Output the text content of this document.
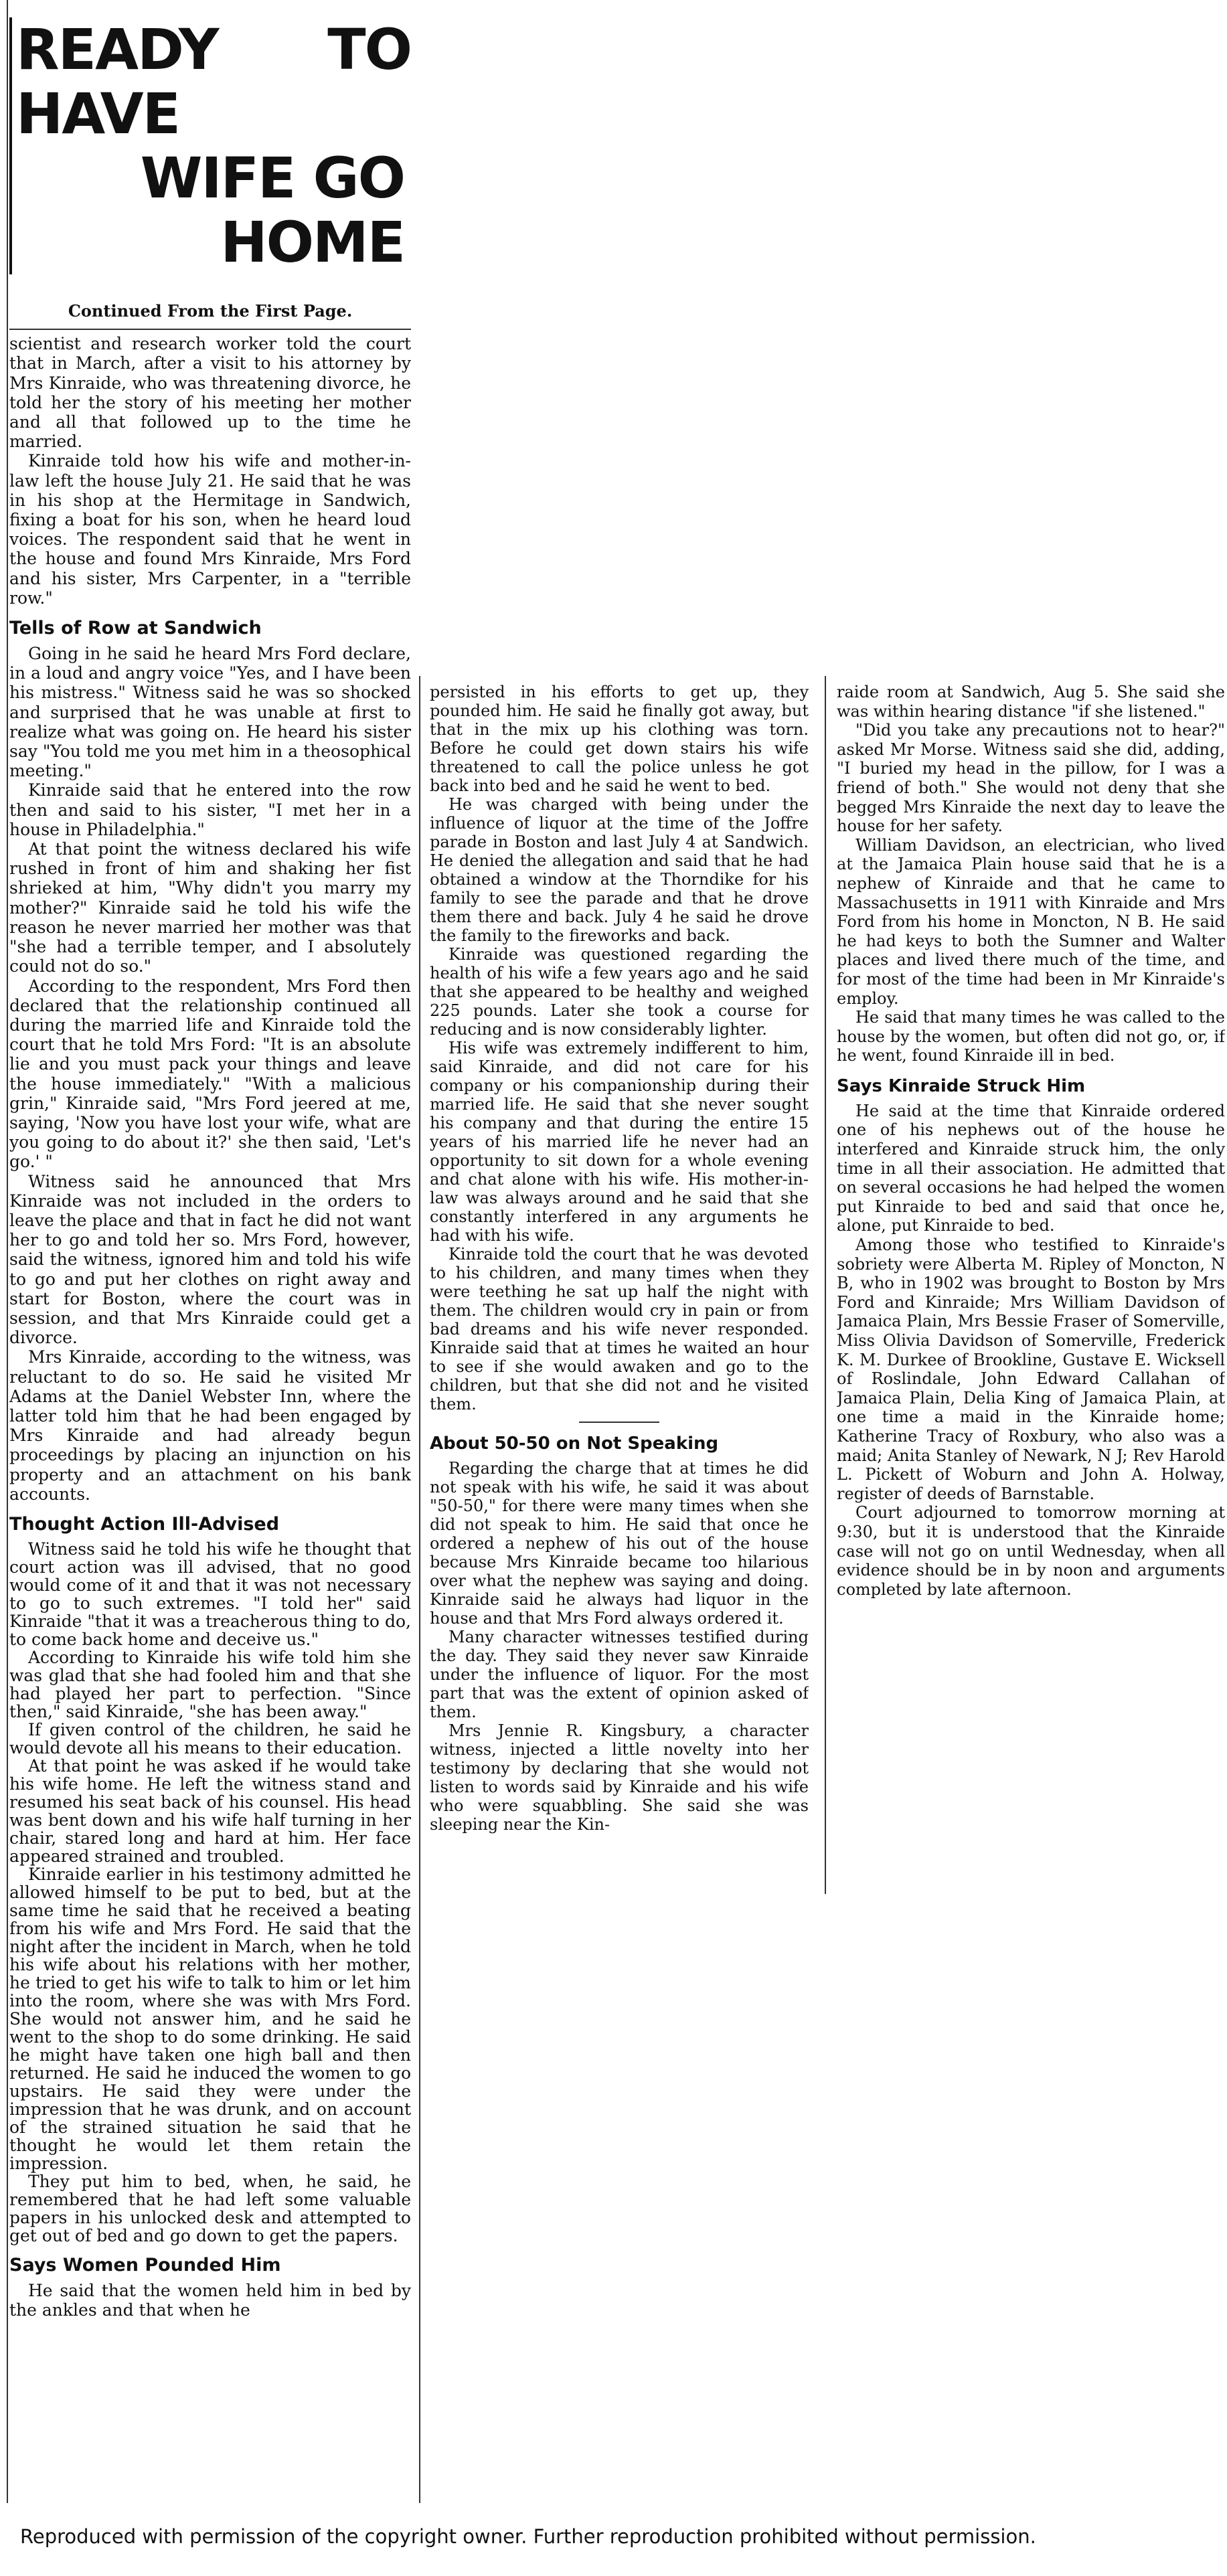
READY TO HAVE
WIFE GO HOME
Continued From the First Page.

scientist and research worker told the court that in March, after a visit to his attorney by Mrs Kinraide, who was threatening divorce, he told her the story of his meeting her mother and all that followed up to the time he married.

Kinraide told how his wife and mother-in-law left the house July 21. He said that he was in his shop at the Hermitage in Sandwich, fixing a boat for his son, when he heard loud voices. The respondent said that he went in the house and found Mrs Kinraide, Mrs Ford and his sister, Mrs Carpenter, in a "terrible row."

Tells of Row at Sandwich

Going in he said he heard Mrs Ford declare, in a loud and angry voice "Yes, and I have been his mistress." Witness said he was so shocked and surprised that he was unable at first to realize what was going on. He heard his sister say "You told me you met him in a theosophical meeting."

Kinraide said that he entered into the row then and said to his sister, "I met her in a house in Philadelphia."

At that point the witness declared his wife rushed in front of him and shaking her fist shrieked at him, "Why didn't you marry my mother?" Kinraide said he told his wife the reason he never married her mother was that "she had a terrible temper, and I absolutely could not do so."

According to the respondent, Mrs Ford then declared that the relationship continued all during the married life and Kinraide told the court that he told Mrs Ford: "It is an absolute lie and you must pack your things and leave the house immediately." "With a malicious grin," Kinraide said, "Mrs Ford jeered at me, saying, 'Now you have lost your wife, what are you going to do about it?' she then said, 'Let's go.' "

Witness said he announced that Mrs Kinraide was not included in the orders to leave the place and that in fact he did not want her to go and told her so. Mrs Ford, however, said the witness, ignored him and told his wife to go and put her clothes on right away and start for Boston, where the court was in session, and that Mrs Kinraide could get a divorce.

Mrs Kinraide, according to the witness, was reluctant to do so. He said he visited Mr Adams at the Daniel Webster Inn, where the latter told him that he had been engaged by Mrs Kinraide and had already begun proceedings by placing an injunction on his property and an attachment on his bank accounts.

Thought Action Ill-Advised

Witness said he told his wife he thought that court action was ill advised, that no good would come of it and that it was not necessary to go to such extremes. "I told her" said Kinraide "that it was a treacherous thing to do, to come back home and deceive us."

According to Kinraide his wife told him she was glad that she had fooled him and that she had played her part to perfection. "Since then," said Kinraide, "she has been away."

If given control of the children, he said he would devote all his means to their education.

At that point he was asked if he would take his wife home. He left the witness stand and resumed his seat back of his counsel. His head was bent down and his wife half turning in her chair, stared long and hard at him. Her face appeared strained and troubled.

Kinraide earlier in his testimony admitted he allowed himself to be put to bed, but at the same time he said that he received a beating from his wife and Mrs Ford. He said that the night after the incident in March, when he told his wife about his relations with her mother, he tried to get his wife to talk to him or let him into the room, where she was with Mrs Ford. She would not answer him, and he said he went to the shop to do some drinking. He said he might have taken one high ball and then returned. He said he induced the women to go upstairs. He said they were under the impression that he was drunk, and on account of the strained situation he said that he thought he would let them retain the impression.

They put him to bed, when, he said, he remembered that he had left some valuable papers in his unlocked desk and attempted to get out of bed and go down to get the papers.

Says Women Pounded Him

He said that the women held him in bed by the ankles and that when he

persisted in his efforts to get up, they pounded him. He said he finally got away, but that in the mix up his clothing was torn. Before he could get down stairs his wife threatened to call the police unless he got back into bed and he said he went to bed.

He was charged with being under the influence of liquor at the time of the Joffre parade in Boston and last July 4 at Sandwich. He denied the allegation and said that he had obtained a window at the Thorndike for his family to see the parade and that he drove them there and back. July 4 he said he drove the family to the fireworks and back.

Kinraide was questioned regarding the health of his wife a few years ago and he said that she appeared to be healthy and weighed 225 pounds. Later she took a course for reducing and is now considerably lighter.

His wife was extremely indifferent to him, said Kinraide, and did not care for his company or his companionship during their married life. He said that she never sought his company and that during the entire 15 years of his married life he never had an opportunity to sit down for a whole evening and chat alone with his wife. His mother-in-law was always around and he said that she constantly interfered in any arguments he had with his wife.

Kinraide told the court that he was devoted to his children, and many times when they were teething he sat up half the night with them. The children would cry in pain or from bad dreams and his wife never responded. Kinraide said that at times he waited an hour to see if she would awaken and go to the children, but that she did not and he visited them.

About 50-50 on Not Speaking

Regarding the charge that at times he did not speak with his wife, he said it was about "50-50," for there were many times when she did not speak to him. He said that once he ordered a nephew of his out of the house because Mrs Kinraide became too hilarious over what the nephew was saying and doing. Kinraide said he always had liquor in the house and that Mrs Ford always ordered it.

Many character witnesses testified during the day. They said they never saw Kinraide under the influence of liquor. For the most part that was the extent of opinion asked of them.

Mrs Jennie R. Kingsbury, a character witness, injected a little novelty into her testimony by declaring that she would not listen to words said by Kinraide and his wife who were squabbling. She said she was sleeping near the Kin-

raide room at Sandwich, Aug 5. She said she was within hearing distance "if she listened."

"Did you take any precautions not to hear?" asked Mr Morse. Witness said she did, adding, "I buried my head in the pillow, for I was a friend of both." She would not deny that she begged Mrs Kinraide the next day to leave the house for her safety.

William Davidson, an electrician, who lived at the Jamaica Plain house said that he is a nephew of Kinraide and that he came to Massachusetts in 1911 with Kinraide and Mrs Ford from his home in Moncton, N B. He said he had keys to both the Sumner and Walter places and lived there much of the time, and for most of the time had been in Mr Kinraide's employ.

He said that many times he was called to the house by the women, but often did not go, or, if he went, found Kinraide ill in bed.

Says Kinraide Struck Him

He said at the time that Kinraide ordered one of his nephews out of the house he interfered and Kinraide struck him, the only time in all their association. He admitted that on several occasions he had helped the women put Kinraide to bed and said that once he, alone, put Kinraide to bed.

Among those who testified to Kinraide's sobriety were Alberta M. Ripley of Moncton, N B, who in 1902 was brought to Boston by Mrs Ford and Kinraide; Mrs William Davidson of Jamaica Plain, Mrs Bessie Fraser of Somerville, Miss Olivia Davidson of Somerville, Frederick K. M. Durkee of Brookline, Gustave E. Wicksell of Roslindale, John Edward Callahan of Jamaica Plain, Delia King of Jamaica Plain, at one time a maid in the Kinraide home; Katherine Tracy of Roxbury, who also was a maid; Anita Stanley of Newark, N J; Rev Harold L. Pickett of Woburn and John A. Holway, register of deeds of Barnstable.

Court adjourned to tomorrow morning at 9:30, but it is understood that the Kinraide case will not go on until Wednesday, when all evidence should be in by noon and arguments completed by late afternoon.

Reproduced with permission of the copyright owner. Further reproduction prohibited without permission.
